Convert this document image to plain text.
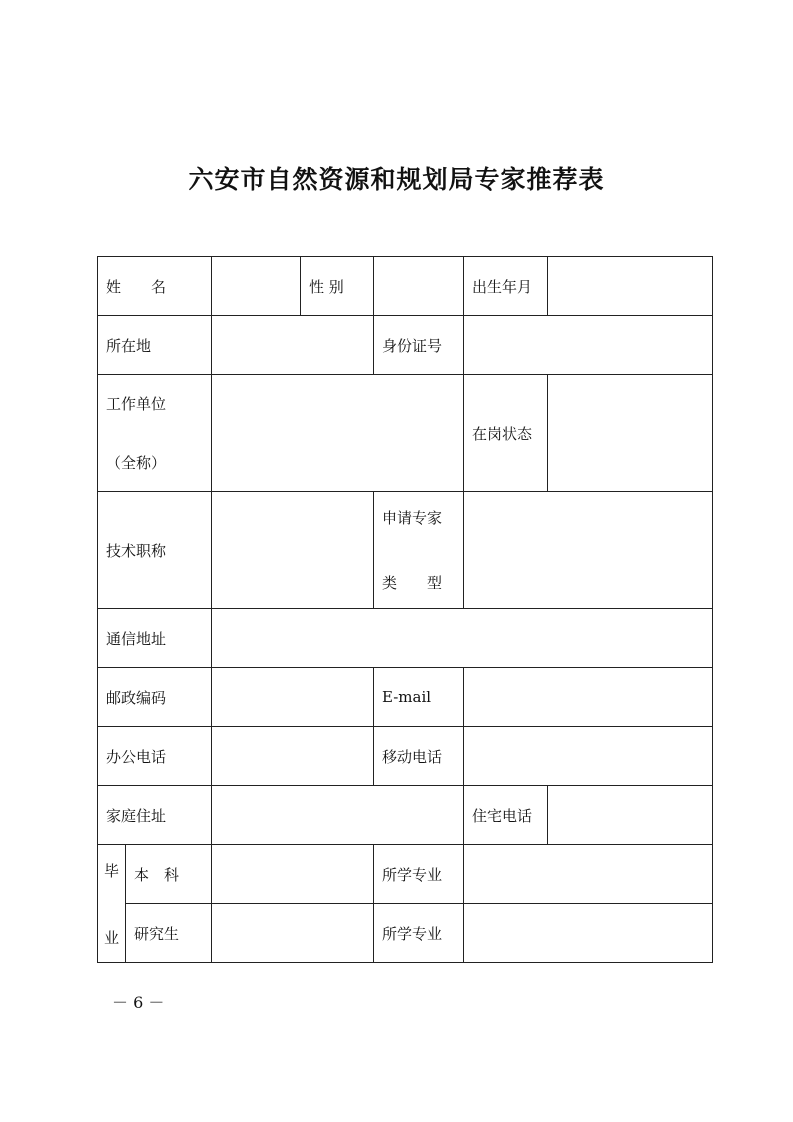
六安市自然资源和规划局专家推荐表
姓　　名			性 别		出生年月	
所在地				身份证号		

工作单位
（全称）					在岗状态	
技术职称				申请专家
类　　型		

通信地址						
邮政编码				E-mail		
办公电话				移动电话		
家庭住址					住宅电话	

毕
业	本　科			所学专业		
	研究生			所学专业		
－ 6 －
